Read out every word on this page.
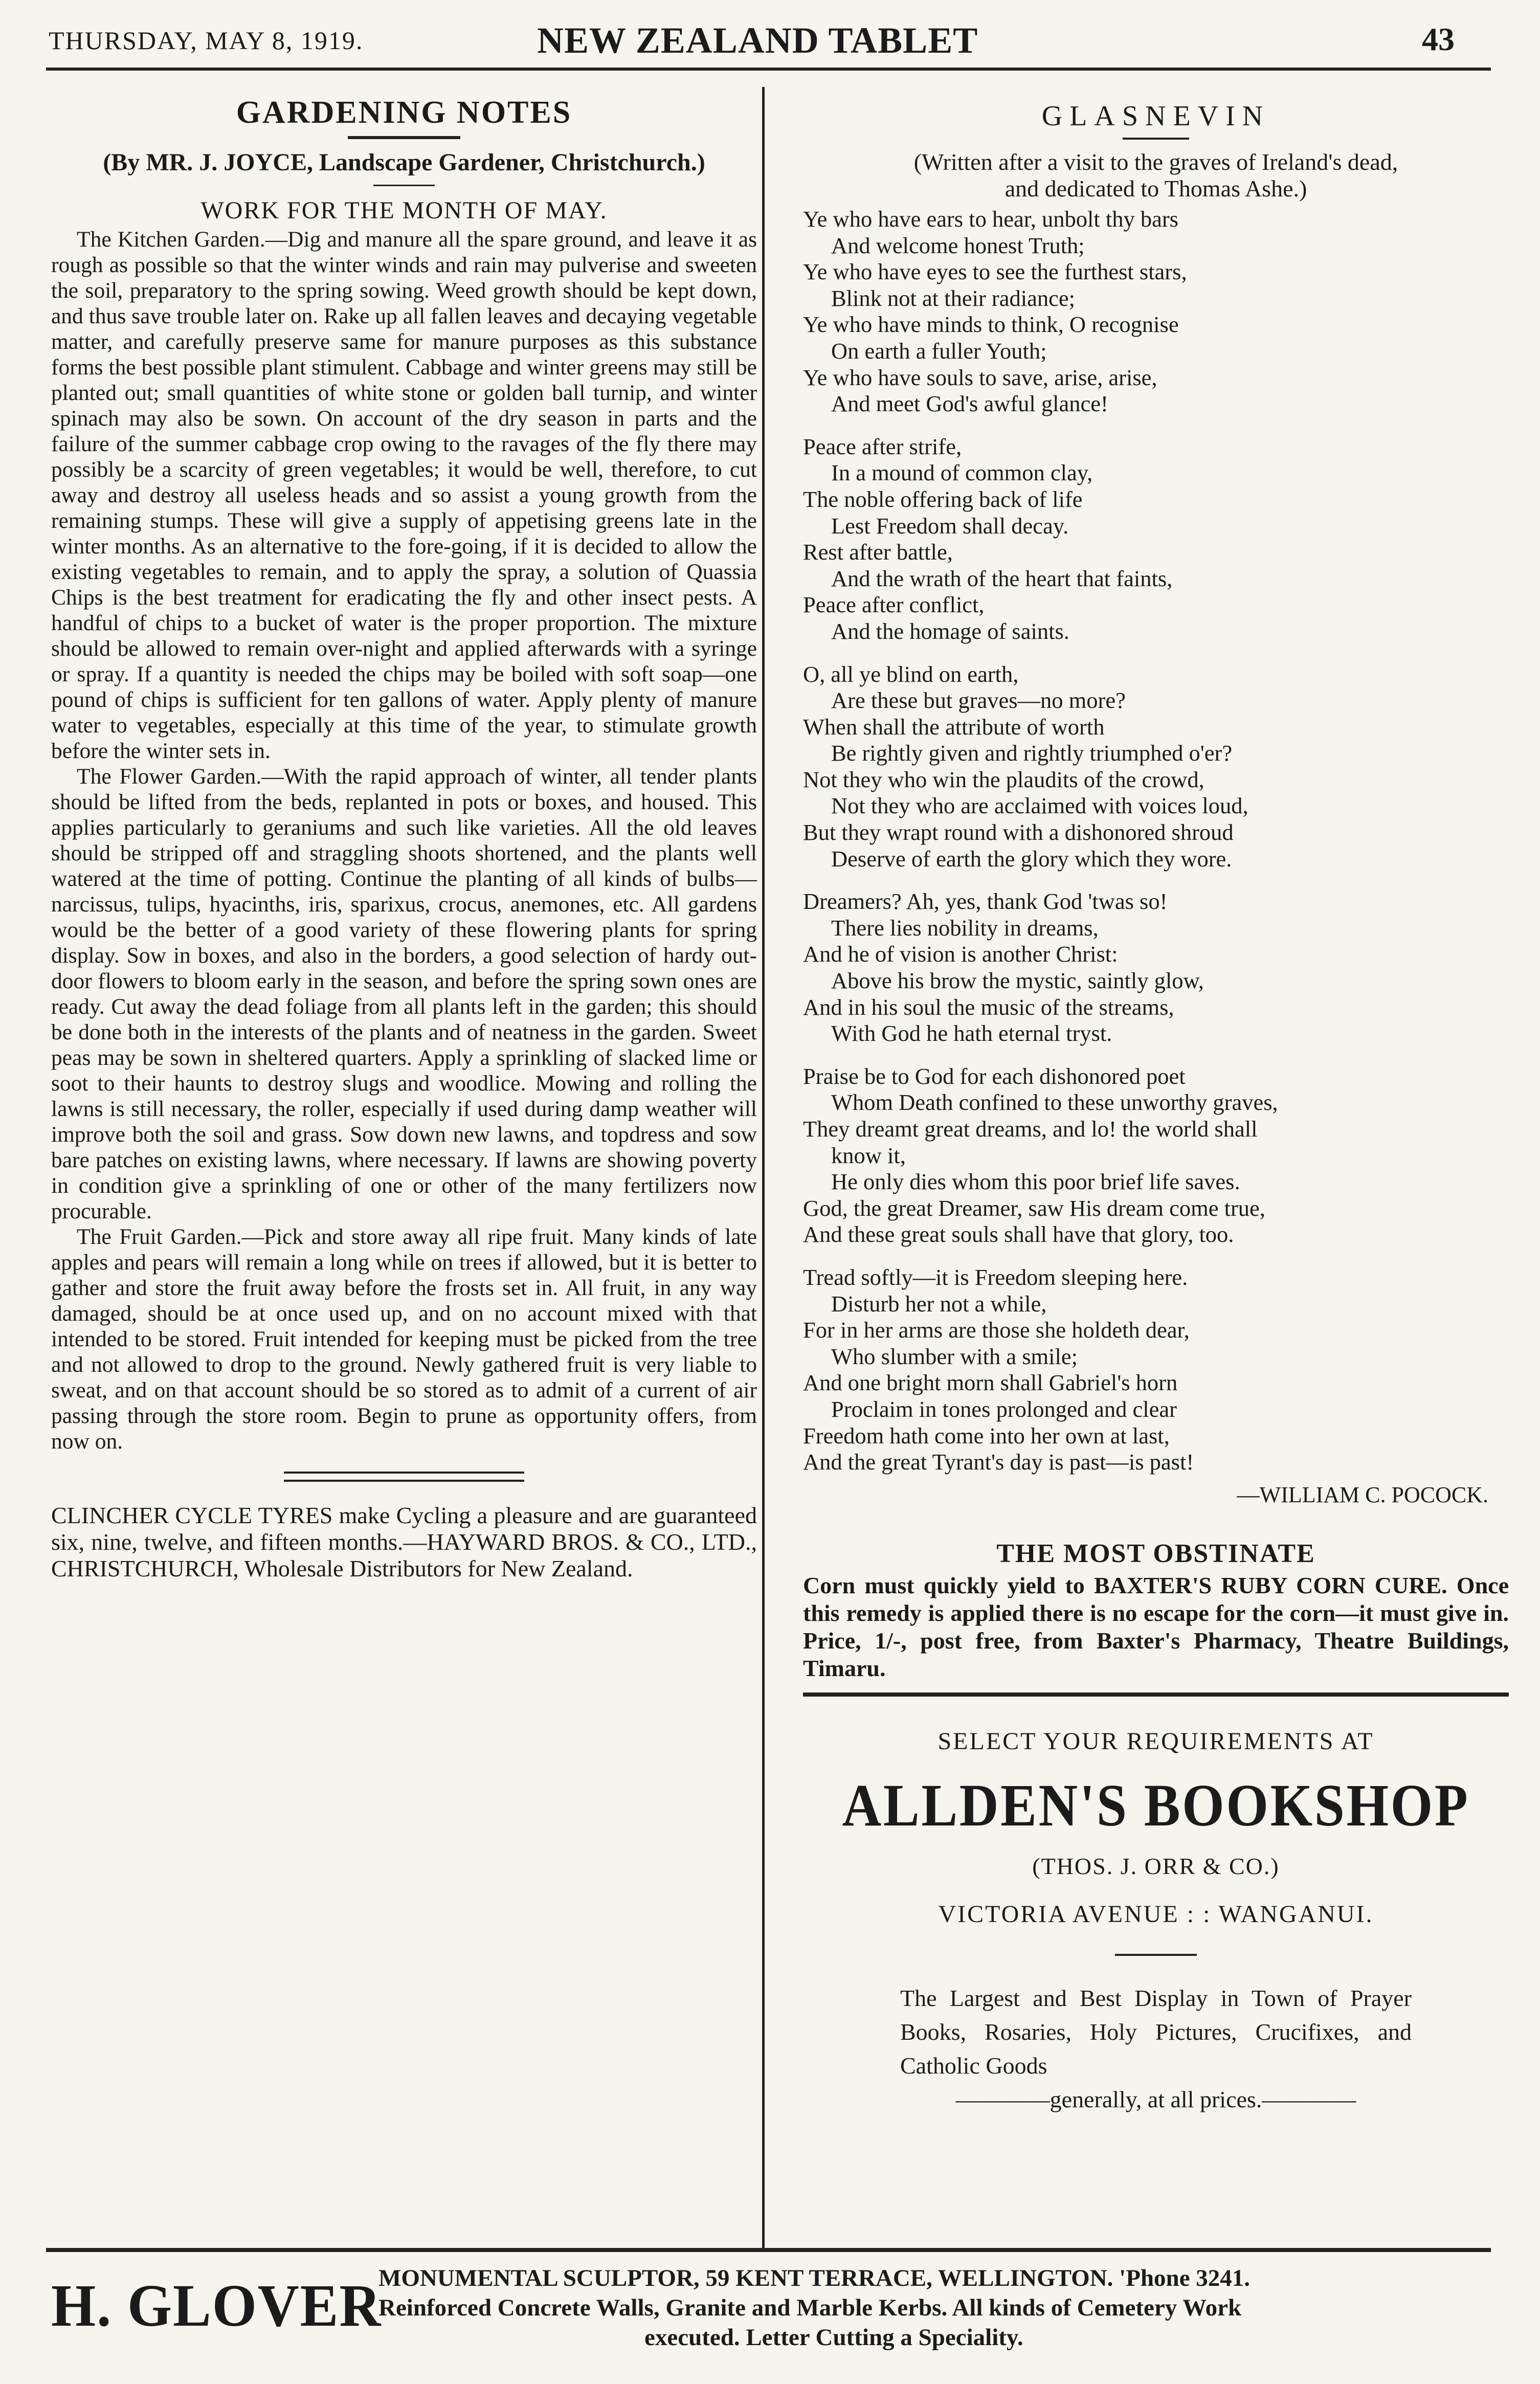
THURSDAY, MAY 8, 1919.	NEW ZEALAND TABLET	43
GARDENING NOTES

(By MR. J. JOYCE, Landscape Gardener, Christchurch.)

WORK FOR THE MONTH OF MAY.

The Kitchen Garden.—Dig and manure all the spare ground, and leave it as rough as possible so that the winter winds and rain may pulverise and sweeten the soil, preparatory to the spring sowing. Weed growth should be kept down, and thus save trouble later on. Rake up all fallen leaves and decaying vegetable matter, and carefully preserve same for manure purposes as this substance forms the best possible plant stimulent. Cabbage and winter greens may still be planted out; small quantities of white stone or golden ball turnip, and winter spinach may also be sown. On account of the dry season in parts and the failure of the summer cabbage crop owing to the ravages of the fly there may possibly be a scarcity of green vegetables; it would be well, therefore, to cut away and destroy all useless heads and so assist a young growth from the remaining stumps. These will give a supply of appetising greens late in the winter months. As an alternative to the fore-going, if it is decided to allow the existing vegetables to remain, and to apply the spray, a solution of Quassia Chips is the best treatment for eradicating the fly and other insect pests. A handful of chips to a bucket of water is the proper proportion. The mixture should be allowed to remain over-night and applied afterwards with a syringe or spray. If a quantity is needed the chips may be boiled with soft soap—one pound of chips is sufficient for ten gallons of water. Apply plenty of manure water to vegetables, especially at this time of the year, to stimulate growth before the winter sets in.

The Flower Garden.—With the rapid approach of winter, all tender plants should be lifted from the beds, replanted in pots or boxes, and housed. This applies particularly to geraniums and such like varieties. All the old leaves should be stripped off and straggling shoots shortened, and the plants well watered at the time of potting. Continue the planting of all kinds of bulbs—narcissus, tulips, hyacinths, iris, sparixus, crocus, anemones, etc. All gardens would be the better of a good variety of these flowering plants for spring display. Sow in boxes, and also in the borders, a good selection of hardy out-door flowers to bloom early in the season, and before the spring sown ones are ready. Cut away the dead foliage from all plants left in the garden; this should be done both in the interests of the plants and of neatness in the garden. Sweet peas may be sown in sheltered quarters. Apply a sprinkling of slacked lime or soot to their haunts to destroy slugs and woodlice. Mowing and rolling the lawns is still necessary, the roller, especially if used during damp weather will improve both the soil and grass. Sow down new lawns, and topdress and sow bare patches on existing lawns, where necessary. If lawns are showing poverty in condition give a sprinkling of one or other of the many fertilizers now procurable.

The Fruit Garden.—Pick and store away all ripe fruit. Many kinds of late apples and pears will remain a long while on trees if allowed, but it is better to gather and store the fruit away before the frosts set in. All fruit, in any way damaged, should be at once used up, and on no account mixed with that intended to be stored. Fruit intended for keeping must be picked from the tree and not allowed to drop to the ground. Newly gathered fruit is very liable to sweat, and on that account should be so stored as to admit of a current of air passing through the store room. Begin to prune as opportunity offers, from now on.

CLINCHER CYCLE TYRES make Cycling a pleasure and are guaranteed six, nine, twelve, and fifteen months.—HAYWARD BROS. & CO., LTD., CHRISTCHURCH, Wholesale Distributors for New Zealand.

GLASNEVIN

(Written after a visit to the graves of Ireland's dead,

and dedicated to Thomas Ashe.)

Ye who have ears to hear, unbolt thy bars
And welcome honest Truth;
Ye who have eyes to see the furthest stars,
Blink not at their radiance;
Ye who have minds to think, O recognise
On earth a fuller Youth;
Ye who have souls to save, arise, arise,
And meet God's awful glance!
Peace after strife,
In a mound of common clay,
The noble offering back of life
Lest Freedom shall decay.
Rest after battle,
And the wrath of the heart that faints,
Peace after conflict,
And the homage of saints.
O, all ye blind on earth,
Are these but graves—no more?
When shall the attribute of worth
Be rightly given and rightly triumphed o'er?
Not they who win the plaudits of the crowd,
Not they who are acclaimed with voices loud,
But they wrapt round with a dishonored shroud
Deserve of earth the glory which they wore.
Dreamers? Ah, yes, thank God 'twas so!
There lies nobility in dreams,
And he of vision is another Christ:
Above his brow the mystic, saintly glow,
And in his soul the music of the streams,
With God he hath eternal tryst.
Praise be to God for each dishonored poet
Whom Death confined to these unworthy graves,
They dreamt great dreams, and lo! the world shall
know it,
He only dies whom this poor brief life saves.
God, the great Dreamer, saw His dream come true,
And these great souls shall have that glory, too.
Tread softly—it is Freedom sleeping here.
Disturb her not a while,
For in her arms are those she holdeth dear,
Who slumber with a smile;
And one bright morn shall Gabriel's horn
Proclaim in tones prolonged and clear
Freedom hath come into her own at last,
And the great Tyrant's day is past—is past!
—WILLIAM C. POCOCK.

THE MOST OBSTINATE

Corn must quickly yield to BAXTER'S RUBY CORN CURE. Once this remedy is applied there is no escape for the corn—it must give in. Price, 1/-, post free, from Baxter's Pharmacy, Theatre Buildings, Timaru.

SELECT YOUR REQUIREMENTS AT

ALLDEN'S BOOKSHOP

(THOS. J. ORR & CO.)

VICTORIA AVENUE : : WANGANUI.

The Largest and Best Display in Town of Prayer Books, Rosaries, Holy Pictures, Crucifixes, and Catholic Goods
————generally, at all prices.————
H. GLOVER
MONUMENTAL SCULPTOR, 59 KENT TERRACE, WELLINGTON. 'Phone 3241.
Reinforced Concrete Walls, Granite and Marble Kerbs. All kinds of Cemetery Work
executed. Letter Cutting a Speciality.
